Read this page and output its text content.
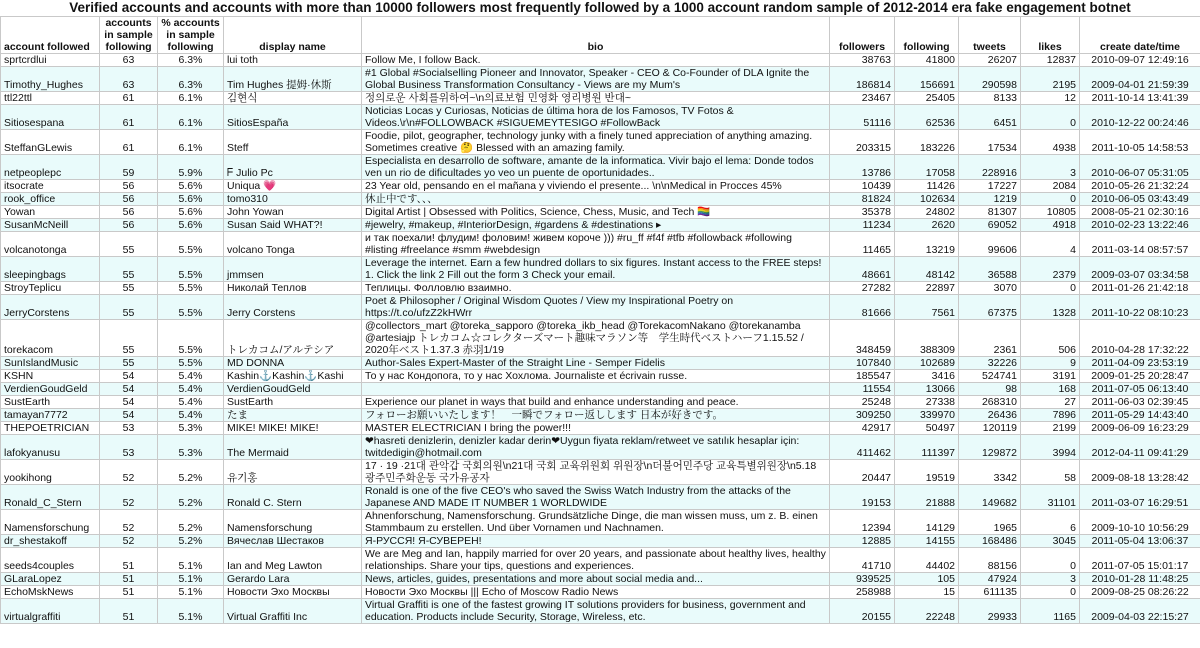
Verified accounts and accounts with more than 10000 followers most frequently followed by a 1000 account random sample of 2012-2014 era fake engagement botnet
account followed	accounts in sample following	% accounts in sample following	display name	bio	followers	following	tweets	likes	create date/time
sprtcrdlui	63	6.3%	lui toth	Follow Me, I follow Back.	38763	41800	26207	12837	2010-09-07 12:49:16
Timothy_Hughes	63	6.3%	Tim Hughes 提姆·休斯	#1 Global #Socialselling Pioneer and Innovator, Speaker - CEO & Co-Founder of DLA Ignite the Global Business Transformation Consultancy - Views are my Mum's	186814	156691	290598	2195	2009-04-01 21:59:39
ttl22ttl	61	6.1%	김현식	정의로운 사회를위하여~\n의료보험 민영화 영리병원 반대~	23467	25405	8133	12	2011-10-14 13:41:39
Sitiosespana	61	6.1%	SitiosEspaña	Noticias Locas y Curiosas, Noticias de última hora de los Famosos, TV Fotos & Videos.\r\n#FOLLOWBACK #SIGUEMEYTESIGO #FollowBack	51116	62536	6451	0	2010-12-22 00:24:46
SteffanGLewis	61	6.1%	Steff	Foodie, pilot, geographer, technology junky with a finely tuned appreciation of anything amazing. Sometimes creative 🤔 Blessed with an amazing family.	203315	183226	17534	4938	2011-10-05 14:58:53
netpeoplepc	59	5.9%	ᖴ Julio Pc	Especialista en desarrollo de software, amante de la informatica. Vivir bajo el lema: Donde todos ven un rio de dificultades yo veo un puente de oportunidades..	13786	17058	228916	3	2010-06-07 05:31:05
itsocrate	56	5.6%	Uniqua 💗	23 Year old, pensando en el mañana y viviendo el presente... \n\nMedical in Procces 45%	10439	11426	17227	2084	2010-05-26 21:32:24
rook_office	56	5.6%	tomo310	休止中です、、、	81824	102634	1219	0	2010-06-05 03:43:49
Yowan	56	5.6%	John Yowan	Digital Artist | Obsessed with Politics, Science, Chess, Music, and Tech 🏳️‍🌈	35378	24802	81307	10805	2008-05-21 02:30:16
SusanMcNeill	56	5.6%	Susan Said WHAT?!	#jewelry, #makeup, #InteriorDesign, #gardens & #destinations ▸	11234	2620	69052	4918	2010-02-23 13:22:46
volcanotonga	55	5.5%	volcano Tonga	и так поехали! флудим! фоловим! живем короче ))) #ru_ff #f4f #tfb #followback #following #listing #freelance #smm #webdesign	11465	13219	99606	4	2011-03-14 08:57:57
sleepingbags	55	5.5%	jmmsen	Leverage the internet. Earn a few hundred dollars to six figures. Instant access to the FREE steps! 1. Click the link 2 Fill out the form 3 Check your email.	48661	48142	36588	2379	2009-03-07 03:34:58
StroyTeplicu	55	5.5%	Николай Теплов	Теплицы. Фолловлю взаимно.	27282	22897	3070	0	2011-01-26 21:42:18
JerryCorstens	55	5.5%	Jerry Corstens	Poet & Philosopher / Original Wisdom Quotes / View my Inspirational Poetry on https://t.co/ufzZ2kHWrr	81666	7561	67375	1328	2011-10-22 08:10:23
torekacom	55	5.5%	トレカコム/アルテシア	@collectors_mart @toreka_sapporo @toreka_ikb_head @TorekacomNakano @torekanamba @artesiajp トレカコム☆コレクターズマート趣味マラソン等　学生時代ベストハーフ1.15.52 / 2020年ベスト1.37.3 赤羽1/19	348459	388309	2361	506	2010-04-28 17:32:22
SunIslandMusic	55	5.5%	MD DONNA	Author-Sales Expert-Master of the Straight Line - Semper Fidelis	107840	102689	32226	9	2011-04-09 23:53:19
KSHN	54	5.4%	Kashin⚓️Kashin⚓️Kashi	То у нас Кондопога, то у нас Хохлома. Journaliste et écrivain russe.	185547	3416	524741	3191	2009-01-25 20:28:47
VerdienGoudGeld	54	5.4%	VerdienGoudGeld		11554	13066	98	168	2011-07-05 06:13:40
SustEarth	54	5.4%	SustEarth	Experience our planet in ways that build and enhance understanding and peace.	25248	27338	268310	27	2011-06-03 02:39:45
tamayan7772	54	5.4%	たま	フォローお願いいたします！　一瞬でフォロー返しします 日本が好きです。	309250	339970	26436	7896	2011-05-29 14:43:40
THEPOETRICIAN	53	5.3%	MIKE! MIKE! MIKE!	MASTER ELECTRICIAN I bring the power!!!	42917	50497	120119	2199	2009-06-09 16:23:29
lafokyanusu	53	5.3%	The Mermaid	❤hasreti denizlerin, denizler kadar derin❤Uygun fiyata reklam/retweet ve satılık hesaplar için: twitdedigin@hotmail.com	411462	111397	129872	3994	2012-04-11 09:41:29
yookihong	52	5.2%	유기홍	17 · 19 ·21대 관악갑 국회의원\n21대 국회 교육위원회 위원장\n더불어민주당 교육특별위원장\n5.18광주민주화운동 국가유공자	20447	19519	3342	58	2009-08-18 13:28:42
Ronald_C_Stern	52	5.2%	Ronald C. Stern	Ronald is one of the five CEO's who saved the Swiss Watch Industry from the attacks of the Japanese AND MADE IT NUMBER 1 WORLDWIDE	19153	21888	149682	31101	2011-03-07 16:29:51
Namensforschung	52	5.2%	Namensforschung	Ahnenforschung, Namensforschung. Grundsätzliche Dinge, die man wissen muss, um z. B. einen Stammbaum zu erstellen. Und über Vornamen und Nachnamen.	12394	14129	1965	6	2009-10-10 10:56:29
dr_shestakoff	52	5.2%	Вячеслав Шестаков	Я-РУССЯ! Я-СУВЕРЕН!	12885	14155	168486	3045	2011-05-04 13:06:37
seeds4couples	51	5.1%	Ian and Meg Lawton	We are Meg and Ian, happily married for over 20 years, and passionate about healthy lives, healthy relationships. Share your tips, questions and experiences.	41710	44402	88156	0	2011-07-05 15:01:17
GLaraLopez	51	5.1%	Gerardo Lara	News, articles, guides, presentations and more about social media and...	939525	105	47924	3	2010-01-28 11:48:25
EchoMskNews	51	5.1%	Новости Эхо Москвы	Новости Эхо Москвы ||| Echo of Moscow Radio News	258988	15	611135	0	2009-08-25 08:26:22
virtualgraffiti	51	5.1%	Virtual Graffiti Inc	Virtual Graffiti is one of the fastest growing IT solutions providers for business, government and education. Products include Security, Storage, Wireless, etc.	20155	22248	29933	1165	2009-04-03 22:15:27
